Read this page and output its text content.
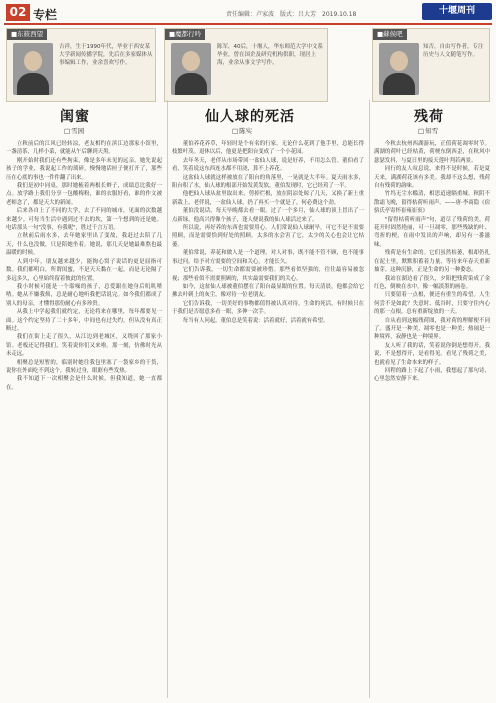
02 专栏	责任编辑：卢家波　版式：吕大芳　2019.10.18	十堰周刊
■东筱西望
吉祥，生于1990年代，毕业于西安某大学新闻传播学院，先后在多家媒体从事编辑工作，业余喜欢写作。
■魔都行吟
陈军，40后，十堰人，华东师范大学中文系毕业，曾在国企及研究机构供职，现居上海，业余从事文学写作。
■蘇侯吧
知否，自由写作者，专注历史与人文随笔写作。
闺蜜
□ 雪园
仙人球的死活
□ 陈实
残荷
□ 知雪

立秋前后的江风已经转凉，老友相约在滨江边那家小馆里，一盏清茶，几样小菜，就能从午后聊到天黑。

刚开始时我们还有些拘束，像是多年未见的远亲。她先说起孩子的学业，我说起工作的琐碎，慢慢地话匣子便打开了，那些压在心底的事也一件件翻了出来。

我们是初中同桌，那时她梳着两根长辫子，成绩总比我好一点。放学路上我们分享一包酸梅粉，谁的衣服好看，谁的作文被老师念了，都是天大的新闻。

后来各自上了不同的大学，去了不同的城市，见面的次数越来越少。可每当生活中遇到过不去的坎，第一个想到的还是她。电话那头一句"没事，有我呢"，胜过千言万语。

立秋前后雨水多，去年她家里出了变故，我赶过去陪了几天，什么也没做，只是陪她坐着。她说，那几天是她最难熬也最温暖的时候。

人到中年，朋友越来越少，能掏心窝子说话的更是屈指可数。我们都明白，所谓闺蜜，不是天天黏在一起，而是无论隔了多远多久，心里始终留着彼此的位置。

我小时候可能是一个聒噪的孩子，总爱跟在她身后叽叽喳喳。她从不嫌我烦，总是耐心地听我把话说完。如今我们都成了别人的母亲，才懂得那份耐心有多珍贵。

从我上中学起我们就约定，无论将来在哪里，每年都要见一面。这个约定坚持了二十多年，中间也有过失约，但从没有真正断过。

我们在街上走了很久，从江边到老城区，又绕回了那家小馆。老板还记得我们，笑着说你们又来啦。那一刻，仿佛时光从未走远。

相聚总是短暂的，临别时她往我包里塞了一袋家乡的干货，说你在外面吃不到这个。我转过身，眼眶有些发热。

我不知道下一次相聚会是什么时候，但我知道，她一直都在。

董伯养花养草，年轻时是个有名的行家。无论什么花到了他手里，总能长得枝繁叶茂。退休以后，他更是把阳台变成了一个小花园。

去年冬天，老伴从市场带回一盆仙人球，说是好养，不用怎么管。董伯看了看，笑着说这东西连水都不用浇，算不上养花。

这盆仙人球就这样被放在了阳台的角落里，一晃就是大半年。夏天雨水多，阳台积了水，仙人球的根部开始发黄发软。董伯发现时，它已经蔫了一半。

他把仙人球从盆里取出来，剪掉烂根，放在阴凉处晾了几天，又换了新土重新栽上。老伴说，一盆仙人球，扔了再买一个就是了，何必费这个劲。

董伯没说话，每天早晚都去看一眼。过了一个多月，仙人球的顶上冒出了一点新绿，他高兴得像个孩子，逢人便说我的仙人球活过来了。

所以说，再好养的东西也需要用心。人们常说仙人球耐旱，可它不是不需要照顾，而是需要恰到好处的照顾。太多的水会害了它，太少的关心也会让它枯萎。

董伯常说，养花和做人是一个道理。对人对事，既不能不管不顾，也不能事事过问。给予对方需要的空间和关心，才能长久。

它们告诉我，一切生命都需要被珍惜。那些看似坚强的，往往最容易被忽视；那些看似不需要照顾的，其实最需要我们的关心。

如今，这盆仙人球被董伯摆在了阳台最显眼的位置。每天清晨，他都会给它拂去叶刺上的灰尘，像对待一位老朋友。

它们告诉我，一切美好的事物都值得被认真对待。生命的死活，有时候只在于我们是否愿意多看一眼，多伸一次手。

每当有人问起，董伯总是笑着说：活着就好，活着就有希望。

今秋去杭州西湖游玩，正值荷花凋零时节。满湖的荷叶已经枯黄，荷梗东倒西歪，在秋风中瑟瑟发抖，与夏日里的接天莲叶判若两景。

同行的友人叹息说，来得不是时候，若是夏天来，满湖荷花该有多美。我却不这么想，残荷自有残荷的韵味。

竹坞无尘水槛清，相思迢递隔重城。秋阴不散霜飞晚，留得枯荷听雨声。——唐·李商隐《宿骆氏亭寄怀崔雍崔衮》

"留得枯荷听雨声"句，道尽了残荷的美。荷花开时固然艳丽，可一旦凋零，那些残缺的叶、弯折的梗，在雨中发出的声响，却另有一番滋味。

残荷是有生命的。它们虽然枯萎，根却仍扎在泥土里，默默积蓄着力量，等待来年春天重新抽芽。这种沉静，正是生命的另一种姿态。

我站在湖边看了很久，夕阳把残荷染成了金红色，倒映在水中，像一幅淡墨的画卷。

只要留着一点根，便还有重生的希望。人生何尝不是如此？失意时、低谷时，只要守住内心的那一点根，总有重新绽放的一天。

自从看到这幅残荷图，我对荷的理解便不同了。盛开是一种美，凋零也是一种美；热闹是一种境界，寂静也是一种境界。

友人听了我的话，笑着说你倒是想得开。我说，不是想得开，是看得见。看见了残荷之美，也就看见了生命本来的样子。

回程的路上下起了小雨，我想起了那句诗，心里忽然安静下来。
